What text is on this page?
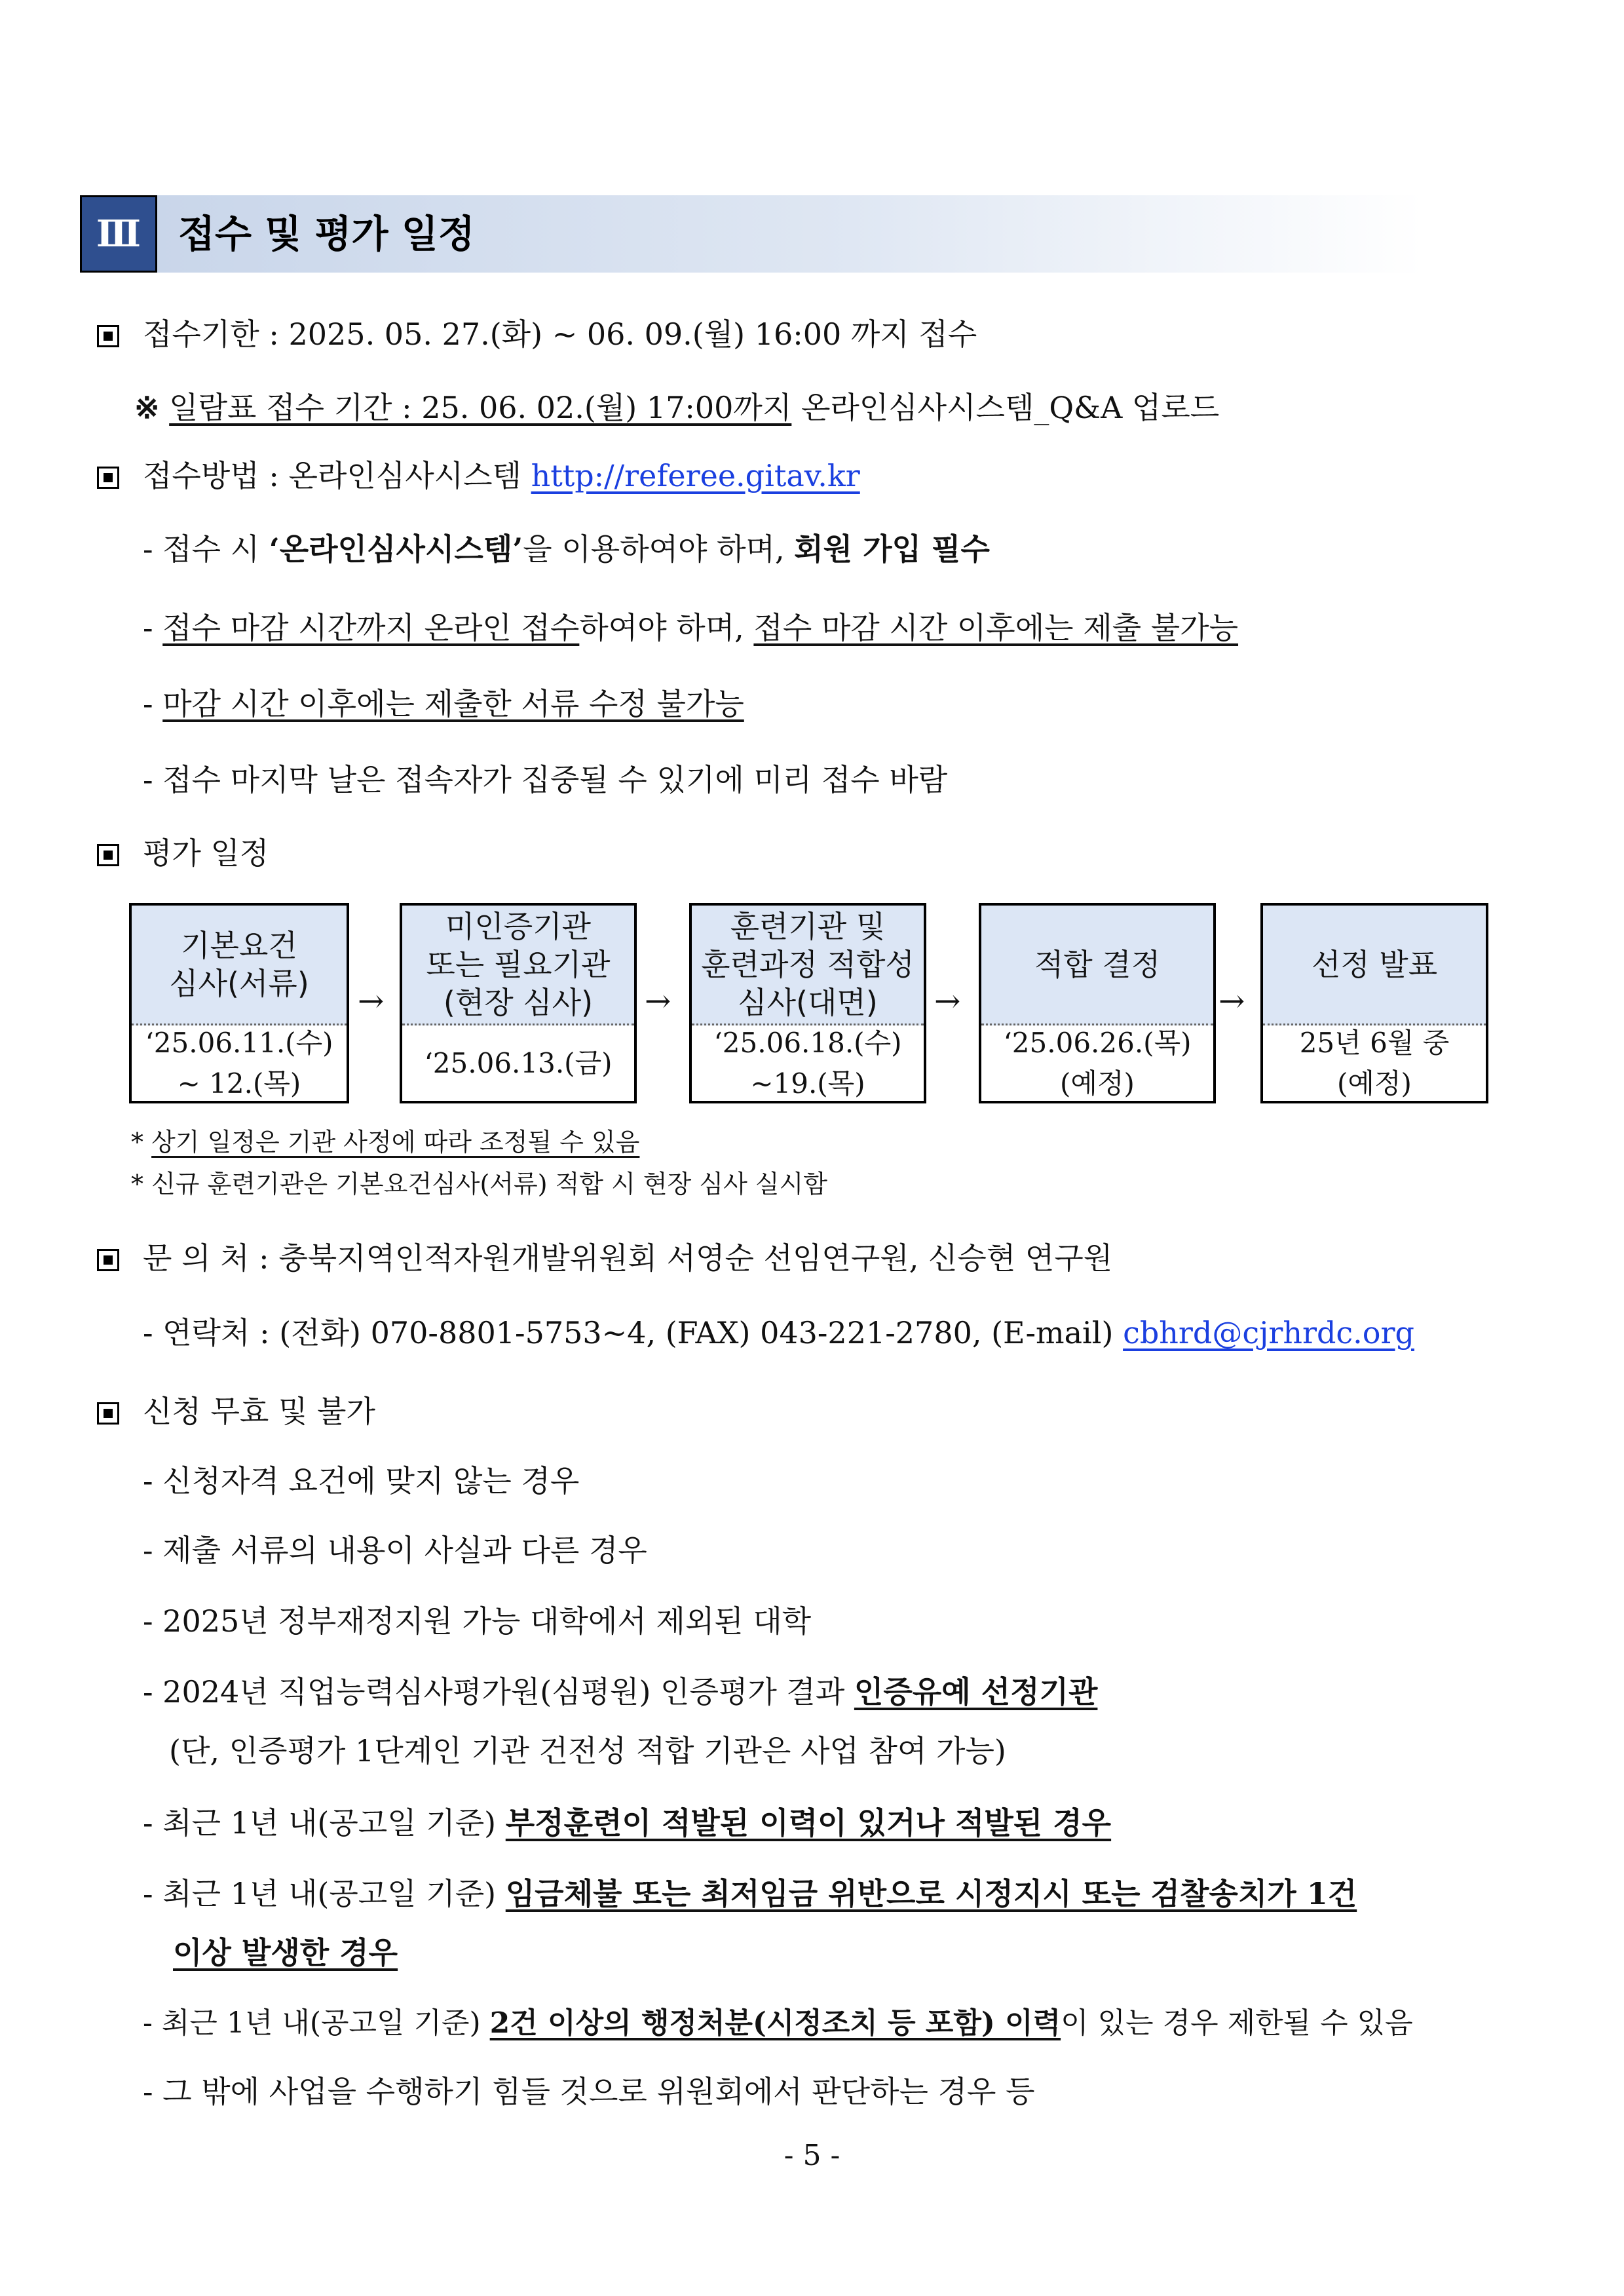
Ⅲ 접수 및 평가 일정
접수기한 : 2025. 05. 27.(화) ~ 06. 09.(월) 16:00 까지 접수
※ 일람표 접수 기간 : 25. 06. 02.(월) 17:00까지 온라인심사시스템_Q&A 업로드
접수방법 : 온라인심사시스템 http://referee.gitav.kr
- 접수 시 ‘온라인심사시스템’을 이용하여야 하며, 회원 가입 필수
- 접수 마감 시간까지 온라인 접수하여야 하며, 접수 마감 시간 이후에는 제출 불가능
- 마감 시간 이후에는 제출한 서류 수정 불가능
- 접수 마지막 날은 접속자가 집중될 수 있기에 미리 접수 바람
평가 일정
기본요건
심사(서류)
‘25.06.11.(수)
~ 12.(목)
→
미인증기관
또는 필요기관
(현장 심사)
‘25.06.13.(금)
→
훈련기관 및
훈련과정 적합성
심사(대면)
‘25.06.18.(수)
~19.(목)
→
적합 결정
‘25.06.26.(목)
(예정)
→
선정 발표
25년 6월 중
(예정)
* 상기 일정은 기관 사정에 따라 조정될 수 있음
* 신규 훈련기관은 기본요건심사(서류) 적합 시 현장 심사 실시함
문 의 처 : 충북지역인적자원개발위원회 서영순 선임연구원, 신승현 연구원
- 연락처 : (전화) 070-8801-5753~4, (FAX) 043-221-2780, (E-mail) cbhrd@cjrhrdc.org
신청 무효 및 불가
- 신청자격 요건에 맞지 않는 경우
- 제출 서류의 내용이 사실과 다른 경우
- 2025년 정부재정지원 가능 대학에서 제외된 대학
- 2024년 직업능력심사평가원(심평원) 인증평가 결과 인증유예 선정기관
(단, 인증평가 1단계인 기관 건전성 적합 기관은 사업 참여 가능)
- 최근 1년 내(공고일 기준) 부정훈련이 적발된 이력이 있거나 적발된 경우
- 최근 1년 내(공고일 기준) 임금체불 또는 최저임금 위반으로 시정지시 또는 검찰송치가 1건
이상 발생한 경우
- 최근 1년 내(공고일 기준) 2건 이상의 행정처분(시정조치 등 포함) 이력이 있는 경우 제한될 수 있음
- 그 밖에 사업을 수행하기 힘들 것으로 위원회에서 판단하는 경우 등
- 5 -
